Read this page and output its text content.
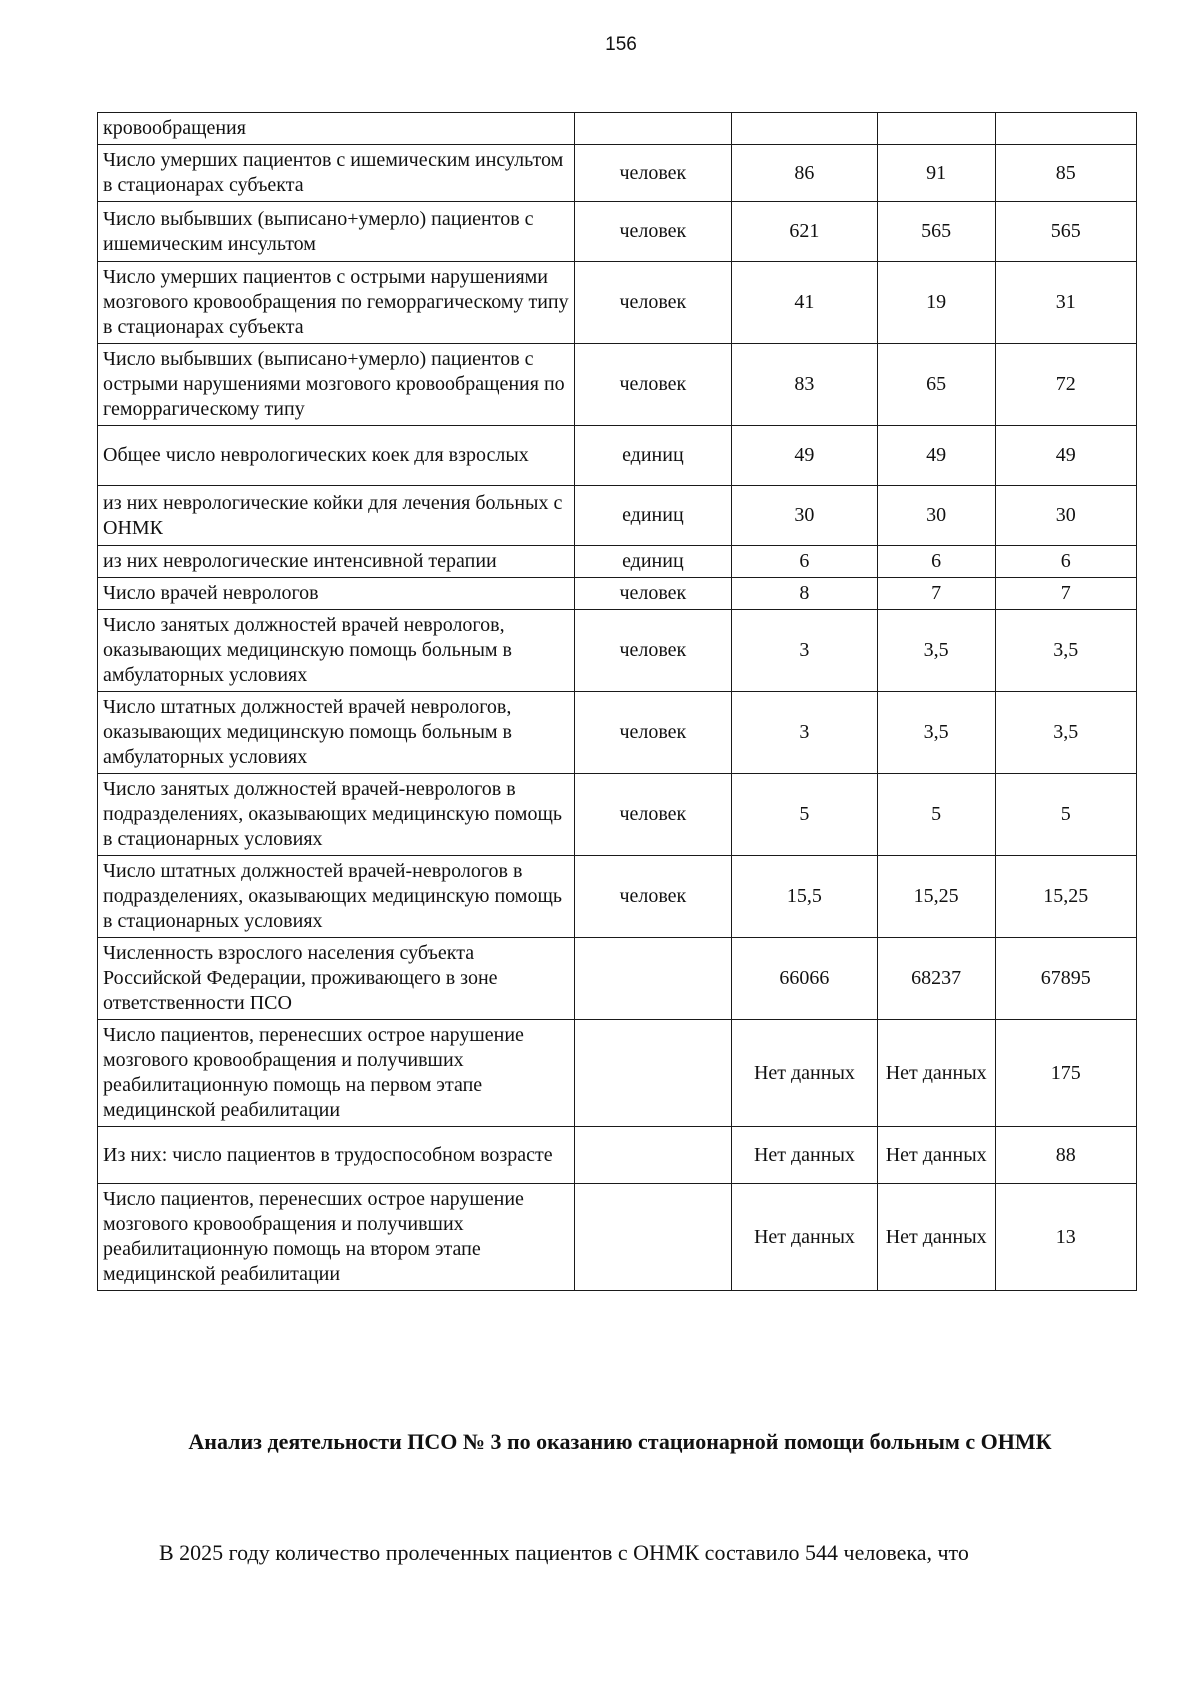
156
кровообращения				
Число умерших пациентов с ишемическим инсультом в стационарах субъекта	человек	86	91	85
Число выбывших (выписано+умерло) пациентов с ишемическим инсультом	человек	621	565	565
Число умерших пациентов с острыми нарушениями мозгового кровообращения по геморрагическому типу в стационарах субъекта	человек	41	19	31
Число выбывших (выписано+умерло) пациентов с острыми нарушениями мозгового кровообращения по геморрагическому типу	человек	83	65	72
Общее число неврологических коек для взрослых	единиц	49	49	49
из них неврологические койки для лечения больных с ОНМК	единиц	30	30	30
из них неврологические интенсивной терапии	единиц	6	6	6
Число врачей неврологов	человек	8	7	7
Число занятых должностей врачей неврологов, оказывающих медицинскую помощь больным в амбулаторных условиях	человек	3	3,5	3,5
Число штатных должностей врачей неврологов, оказывающих медицинскую помощь больным в амбулаторных условиях	человек	3	3,5	3,5
Число занятых должностей врачей-неврологов в подразделениях, оказывающих медицинскую помощь в стационарных условиях	человек	5	5	5
Число штатных должностей врачей-неврологов в подразделениях, оказывающих медицинскую помощь в стационарных условиях	человек	15,5	15,25	15,25
Численность взрослого населения субъекта Российской Федерации, проживающего в зоне ответственности ПСО		66066	68237	67895
Число пациентов, перенесших острое нарушение мозгового кровообращения и получивших реабилитационную помощь на первом этапе медицинской реабилитации		Нет данных	Нет данных	175
Из них: число пациентов в трудоспособном возрасте		Нет данных	Нет данных	88
Число пациентов, перенесших острое нарушение мозгового кровообращения и получивших реабилитационную помощь на втором этапе медицинской реабилитации		Нет данных	Нет данных	13
Анализ деятельности ПСО № 3 по оказанию стационарной помощи больным с ОНМК
В 2025 году количество пролеченных пациентов с ОНМК составило 544 человека, что
